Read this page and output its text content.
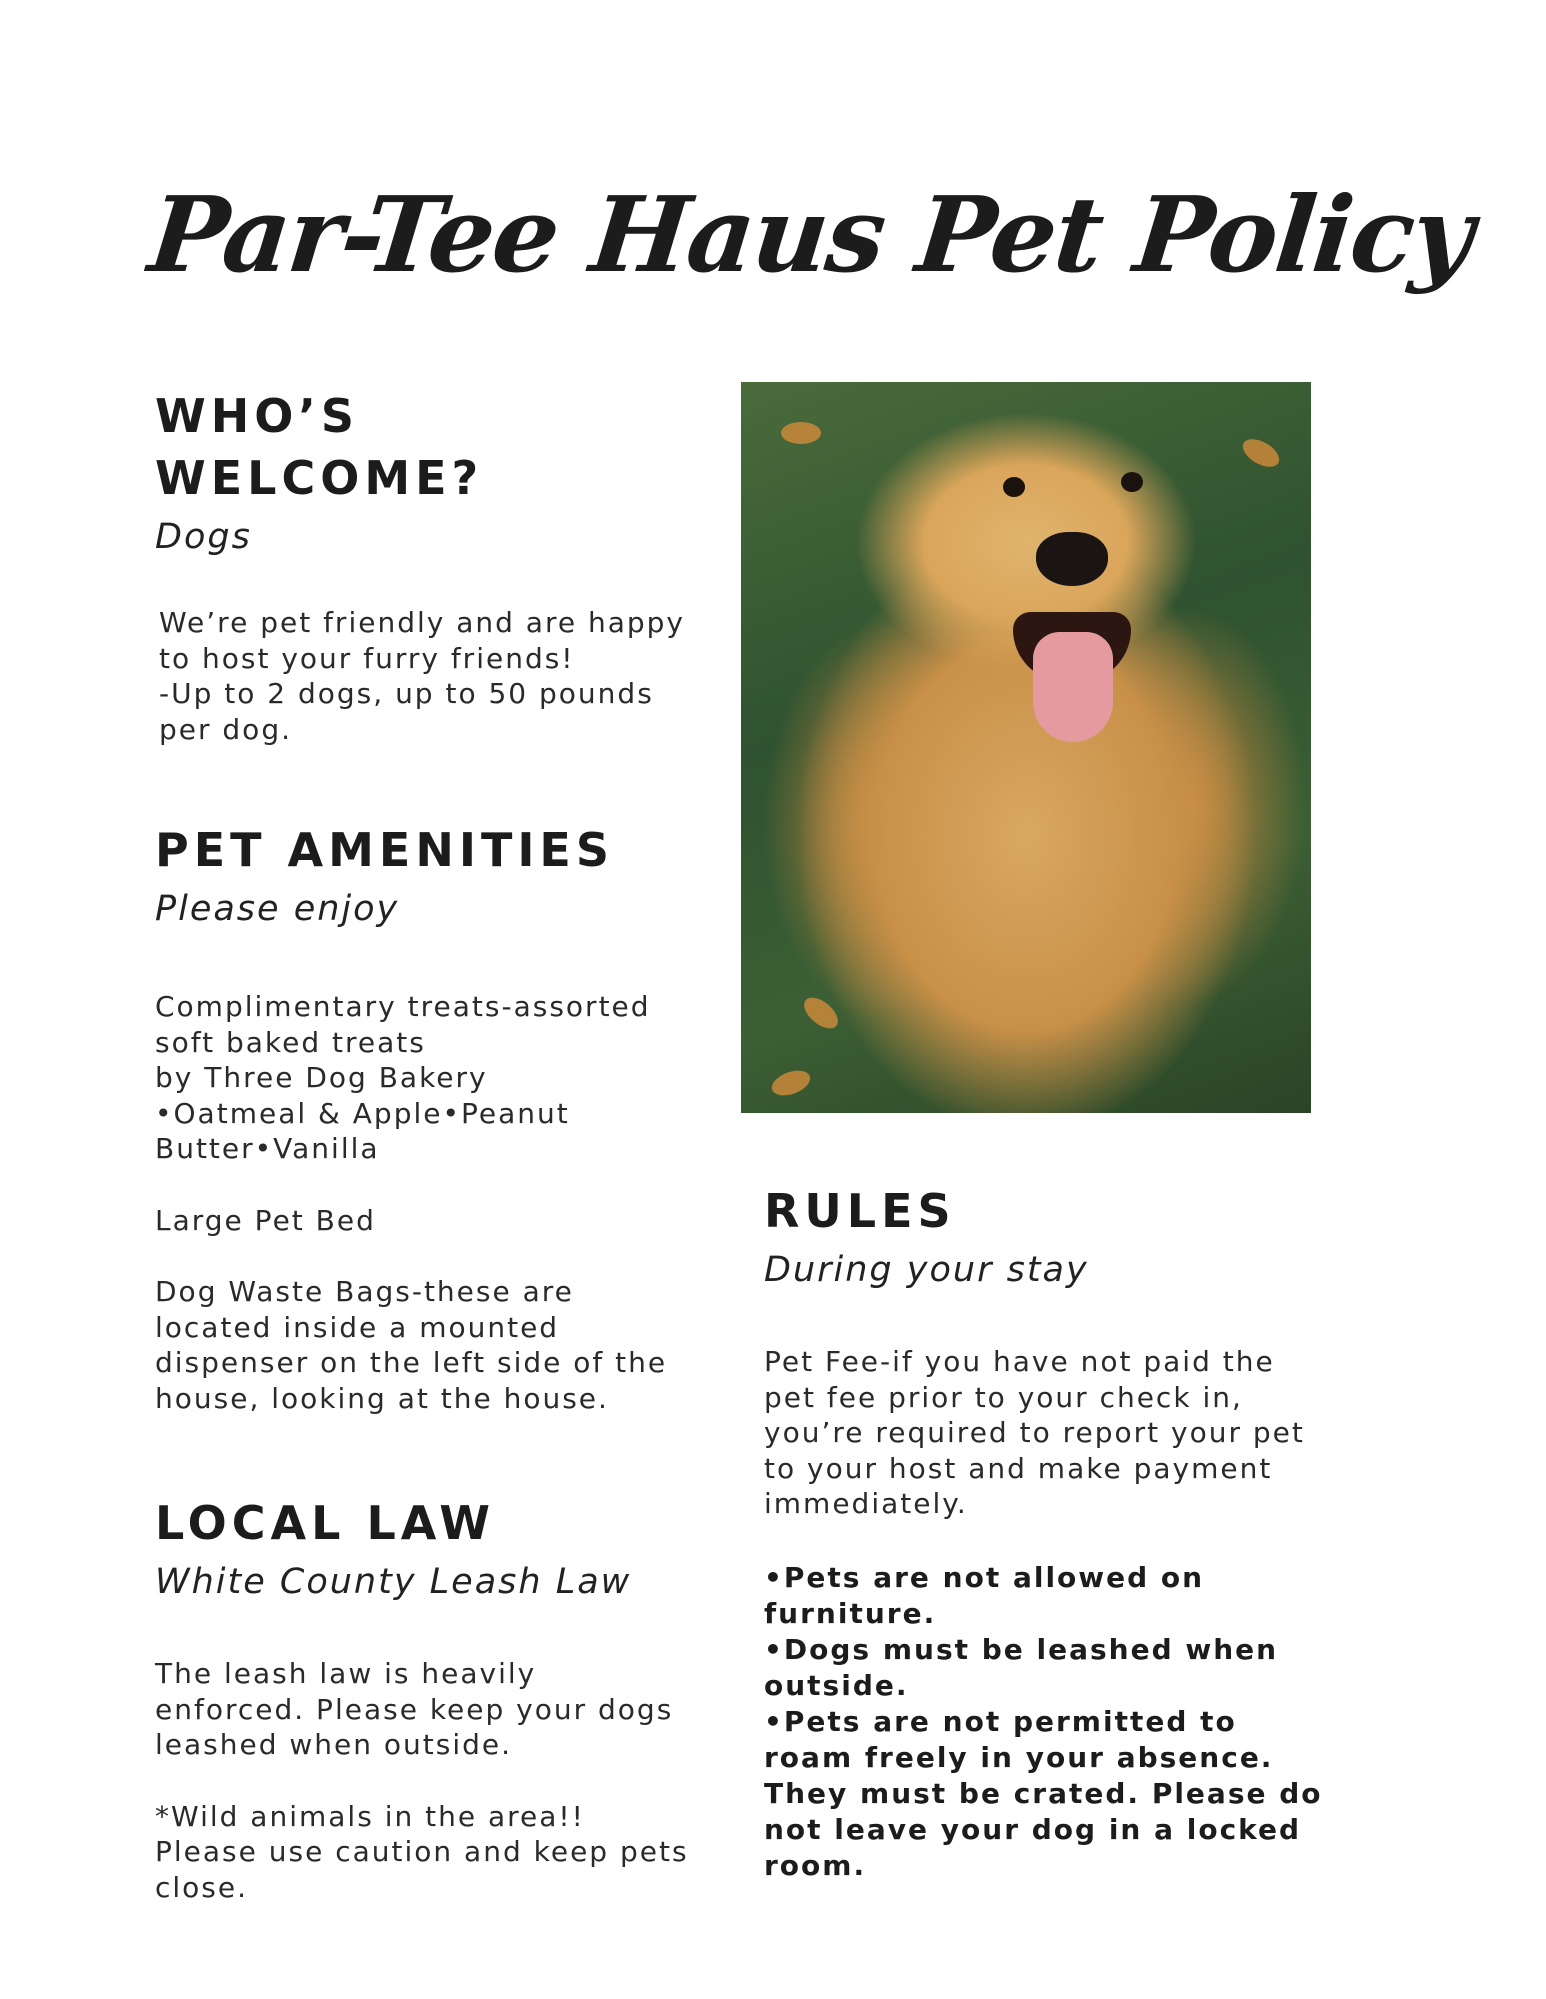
Par-Tee Haus Pet Policy
WHO’S
WELCOME?
Dogs
We’re pet friendly and are happy
to host your furry friends!
-Up to 2 dogs, up to 50 pounds
per dog.
PET AMENITIES
Please enjoy
Complimentary treats-assorted
soft baked treats
by Three Dog Bakery
•Oatmeal & Apple•Peanut
Butter•Vanilla
Large Pet Bed
Dog Waste Bags-these are
located inside a mounted
dispenser on the left side of the
house, looking at the house.
LOCAL LAW
White County Leash Law
The leash law is heavily
enforced. Please keep your dogs
leashed when outside.
*Wild animals in the area!!
Please use caution and keep pets
close.
RULES
During your stay
Pet Fee-if you have not paid the
pet fee prior to your check in,
you’re required to report your pet
to your host and make payment
immediately.
•Pets are not allowed on furniture.
•Dogs must be leashed when outside.
•Pets are not permitted to roam freely in your absence. They must be crated. Please do not leave your dog in a locked room.
